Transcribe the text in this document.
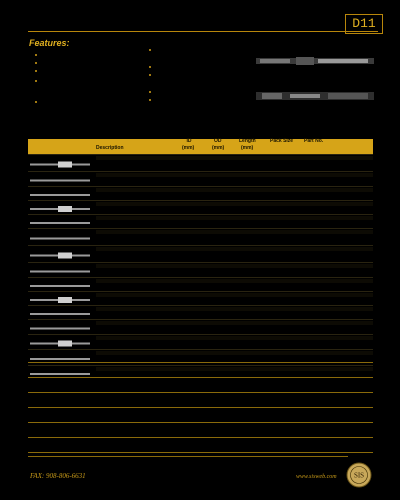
D11
Features:
Description
ID
(mm)
OD
(mm)
Length
(mm)
Pack Size Part No.
FAX: 908-806-6631	www.sisweb.com SIS
